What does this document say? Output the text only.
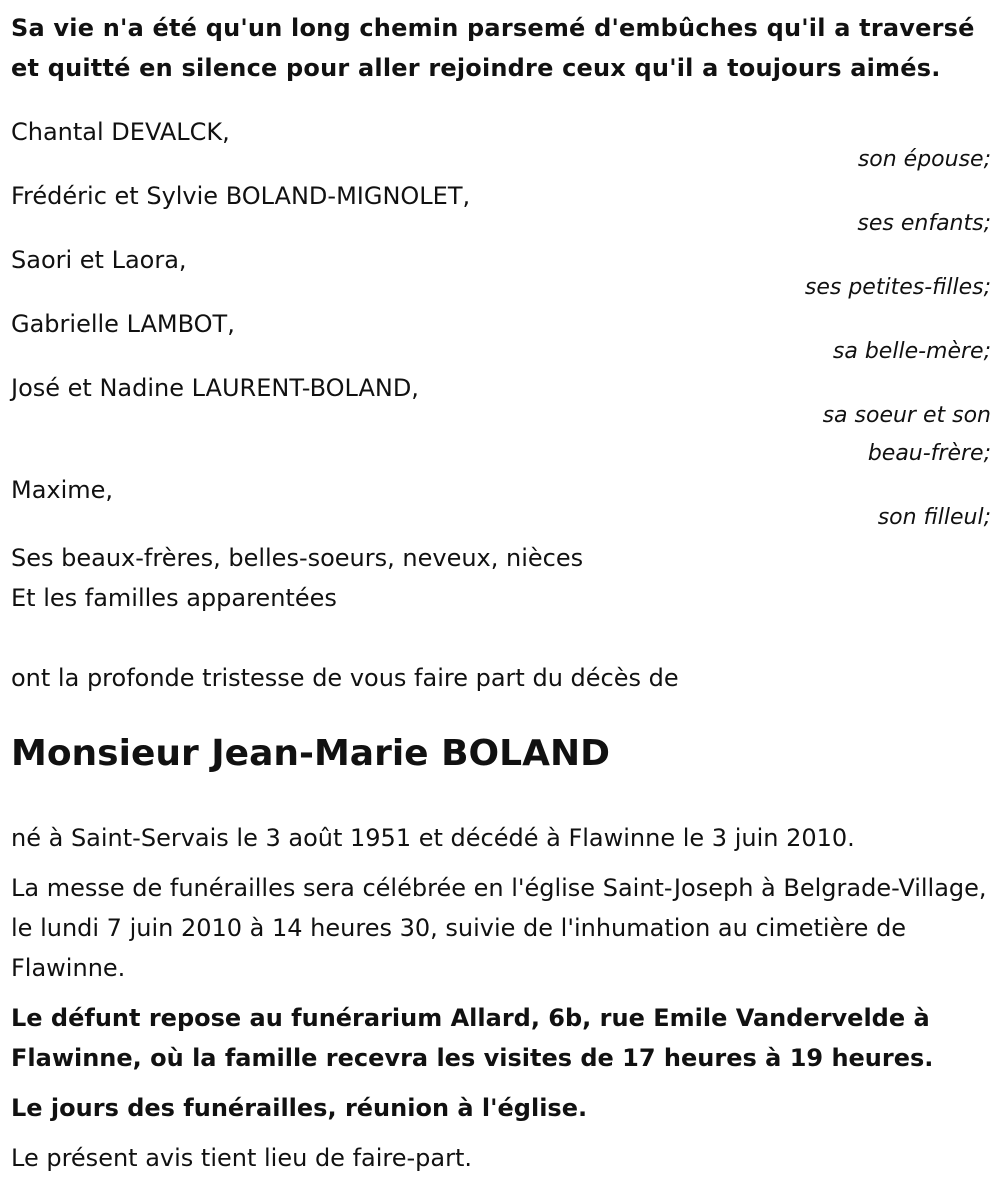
Sa vie n'a été qu'un long chemin parsemé d'embûches qu'il a traversé et quitté en silence pour aller rejoindre ceux qu'il a toujours aimés.

Chantal DEVALCK,
son épouse;
Frédéric et Sylvie BOLAND-MIGNOLET,
ses enfants;
Saori et Laora,
ses petites-filles;
Gabrielle LAMBOT,
sa belle-mère;
José et Nadine LAURENT-BOLAND,
sa soeur et son
beau-frère;
Maxime,
son filleul;
Ses beaux-frères, belles-soeurs, neveux, nièces
Et les familles apparentées
ont la profonde tristesse de vous faire part du décès de
Monsieur Jean-Marie BOLAND

né à Saint-Servais le 3 août 1951 et décédé à Flawinne le 3 juin 2010.

La messe de funérailles sera célébrée en l'église Saint-Joseph à Belgrade-Village, le lundi 7 juin 2010 à 14 heures 30, suivie de l'inhumation au cimetière de Flawinne.

Le défunt repose au funérarium Allard, 6b, rue Emile Vandervelde à Flawinne, où la famille recevra les visites de 17 heures à 19 heures.

Le jours des funérailles, réunion à l'église.

Le présent avis tient lieu de faire-part.
